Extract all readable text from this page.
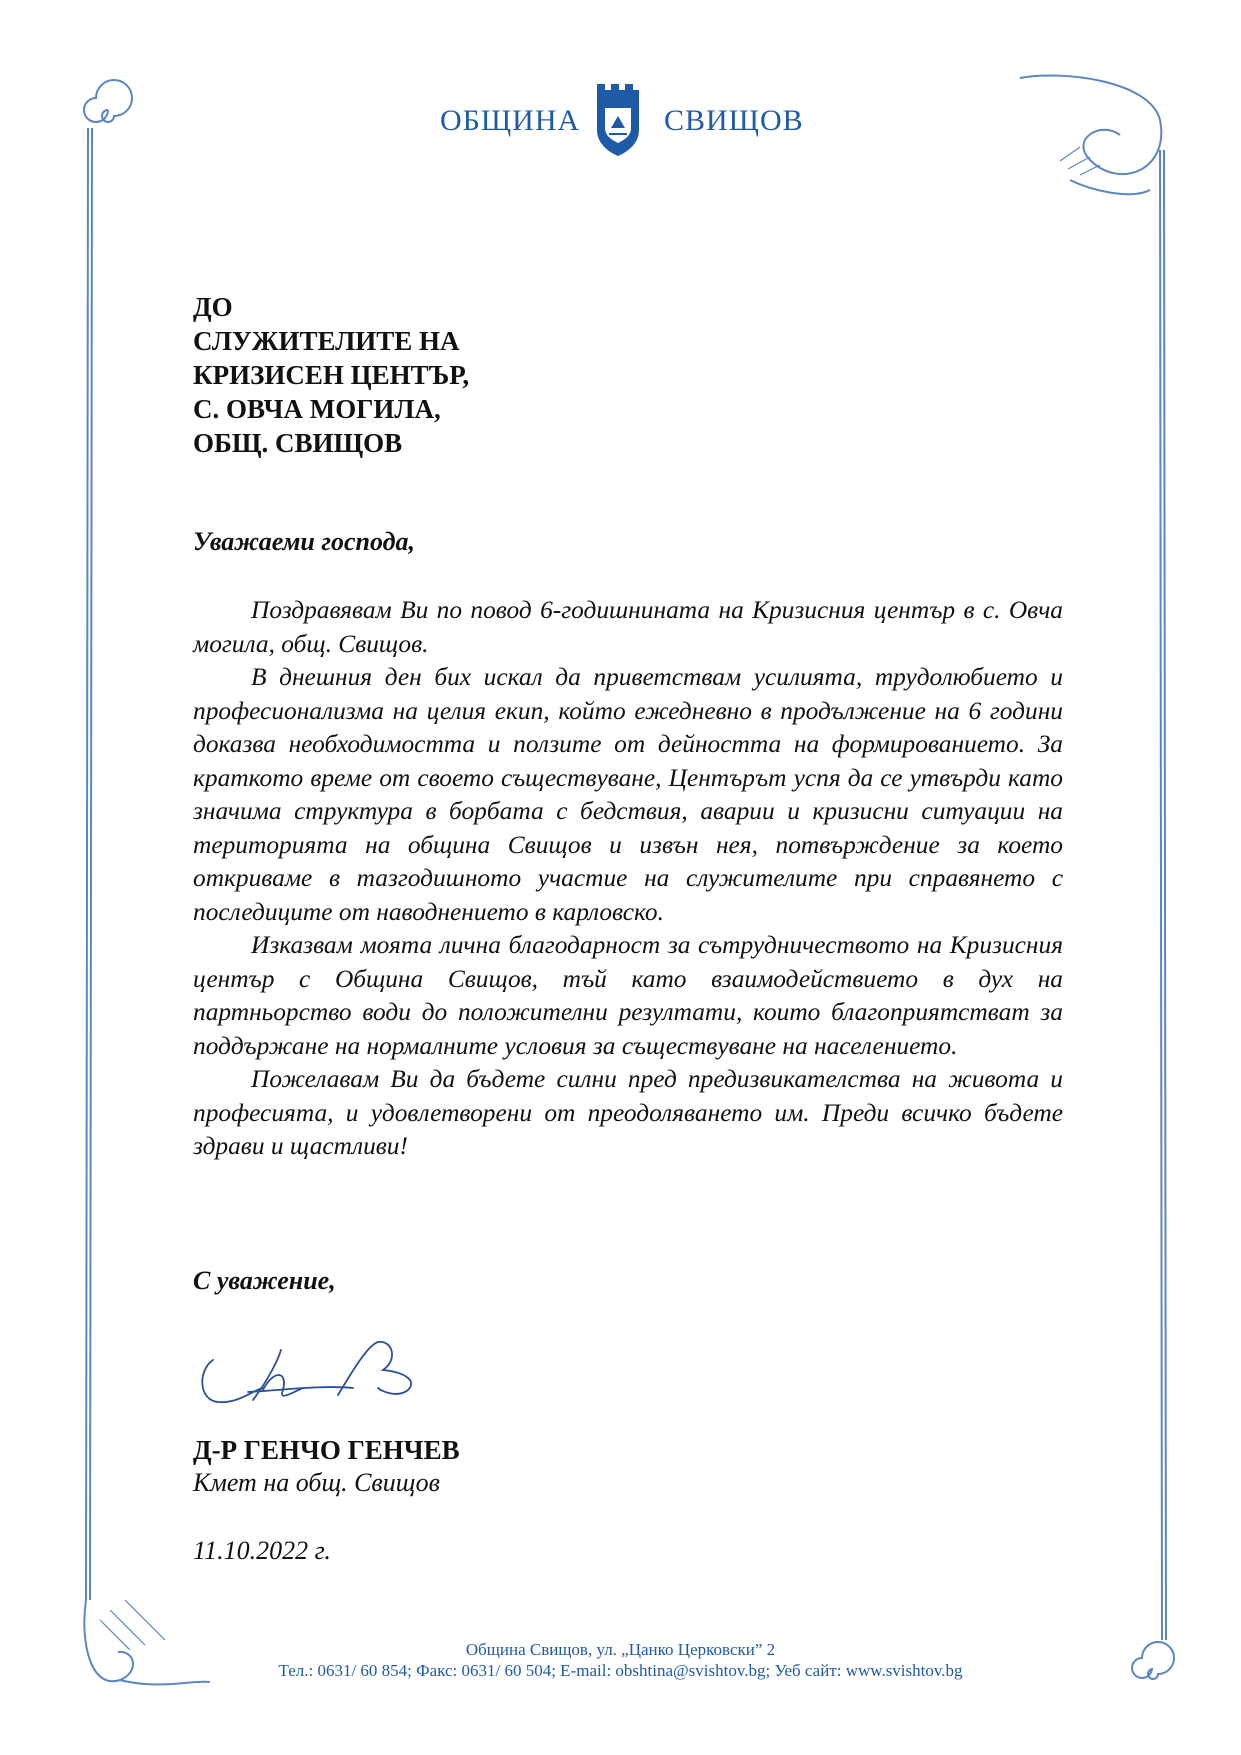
ОБЩИНА	СВИЩОВ
ДО
СЛУЖИТЕЛИТЕ НА
КРИЗИСЕН ЦЕНТЪР,
С. ОВЧА МОГИЛА,
ОБЩ. СВИЩОВ
Уважаеми господа,

Поздравявам Ви по повод 6-годишнината на Кризисния център в с. Овча могила, общ. Свищов.

В днешния ден бих искал да приветствам усилията, трудолюбието и професионализма на целия екип, който ежедневно в продължение на 6 години доказва необходимостта и ползите от дейността на формированието. За краткото време от своето съществуване, Центърът успя да се утвърди като значима структура в борбата с бедствия, аварии и кризисни ситуации на територията на община Свищов и извън нея, потвърждение за което откриваме в тазгодишното участие на служителите при справянето с последиците от наводнението в карловско.

Изказвам моята лична благодарност за сътрудничеството на Кризисния център с Община Свищов, тъй като взаимодействието в дух на партньорство води до положителни резултати, които благоприятстват за поддържане на нормалните условия за съществуване на населението.

Пожелавам Ви да бъдете силни пред предизвикателства на живота и професията, и удовлетворени от преодоляването им. Преди всичко бъдете здрави и щастливи!

С уважение,
Д-Р ГЕНЧО ГЕНЧЕВ
Кмет на общ. Свищов
11.10.2022 г.
Община Свищов, ул. „Цанко Церковски” 2
Тел.: 0631/ 60 854; Факс: 0631/ 60 504; E-mail: obshtina@svishtov.bg; Уеб сайт: www.svishtov.bg
